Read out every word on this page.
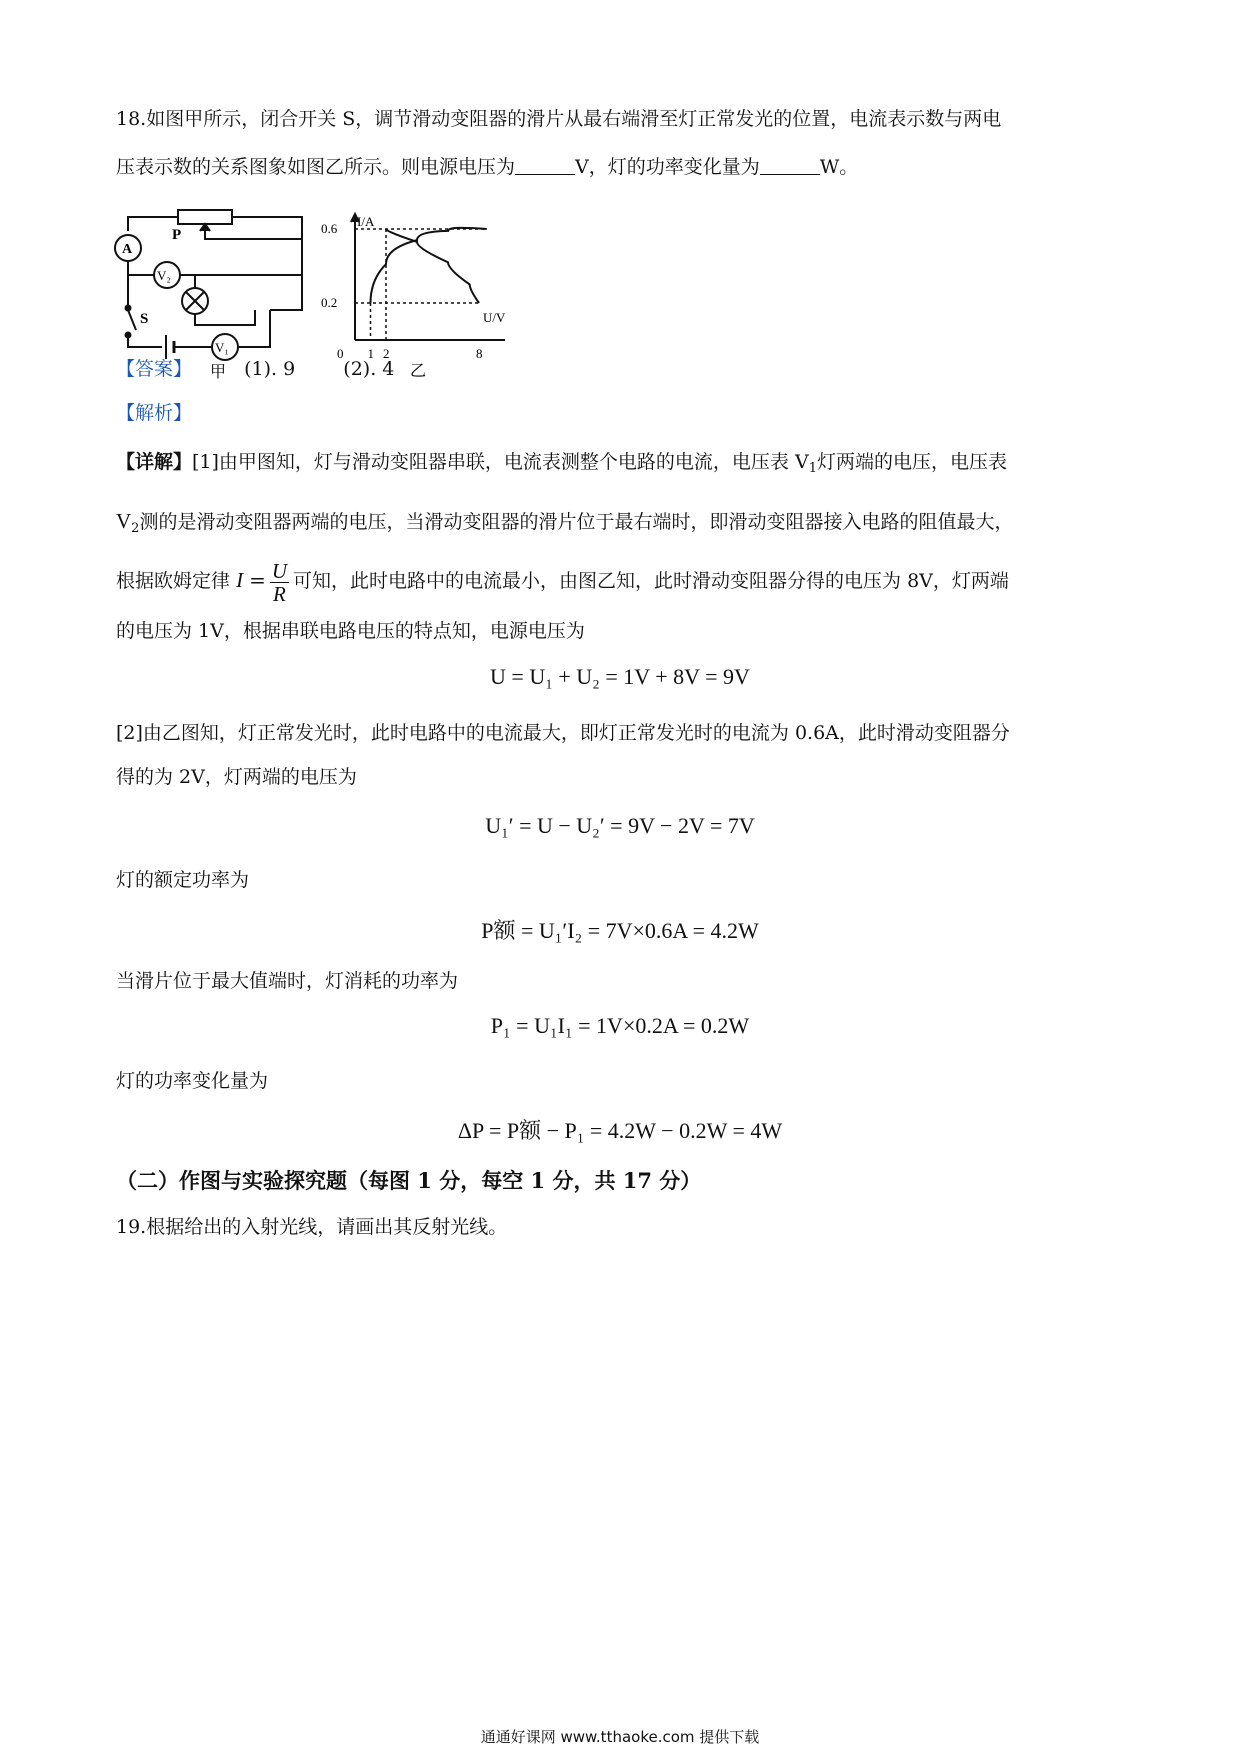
18.如图甲所示，闭合开关 S，调节滑动变阻器的滑片从最右端滑至灯正常发光的位置，电流表示数与两电
压表示数的关系图象如图乙所示。则电源电压为	V，灯的功率变化量为	W。
A
V₂
V₁
P
S
甲
I/A
U/V
0 1 2	8
0.2
0.6
乙
【答案】	(1). 9	(2). 4
【解析】
【详解】[1]由甲图知，灯与滑动变阻器串联，电流表测整个电路的电流，电压表 $V_1$灯两端的电压，电压表
$V_2$测的是滑动变阻器两端的电压，当滑动变阻器的滑片位于最右端时，即滑动变阻器接入电路的阻值最大，
根据欧姆定律 $I = \frac{U}{R}$ 可知，此时电路中的电流最小，由图乙知，此时滑动变阻器分得的电压为 8V，灯两端
的电压为 1V，根据串联电路电压的特点知，电源电压为
U = U₁ + U₂ = 1V + 8V = 9V
[2]由乙图知，灯正常发光时，此时电路中的电流最大，即灯正常发光时的电流为 0.6A，此时滑动变阻器分
得的为 2V，灯两端的电压为
U₁′ = U − U₂′ = 9V − 2V = 7V
灯的额定功率为
P额 = U₁′I₂ = 7V×0.6A = 4.2W
当滑片位于最大值端时，灯消耗的功率为
P₁ = U₁I₁ = 1V×0.2A = 0.2W
灯的功率变化量为
ΔP = P额 − P₁ = 4.2W − 0.2W = 4W
（二）作图与实验探究题（每图 1 分，每空 1 分，共 17 分）
19.根据给出的入射光线，请画出其反射光线。
通通好课网 www.tthaoke.com 提供下载
